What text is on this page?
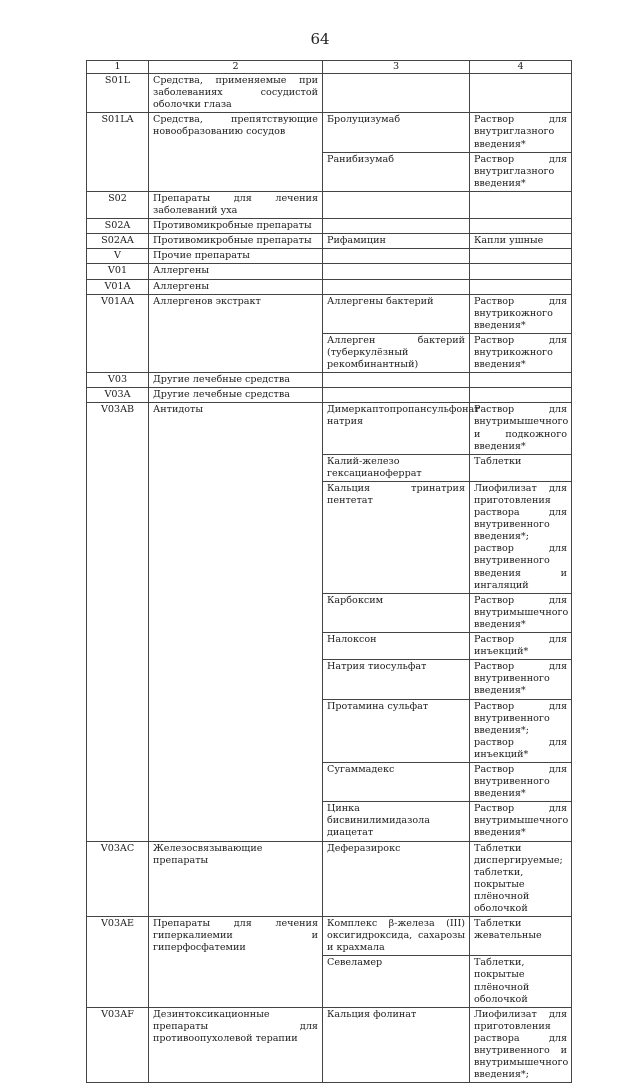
64
1	2	3	4
S01L	Средства, применяемые при заболеваниях сосудистой оболочки глаза		
S01LA	Средства, препятствующие новообразованию сосудов	Бролуцизумаб	Раствор для внутриглазного введения*
		Ранибизумаб	Раствор для внутриглазного введения*
S02	Препараты для лечения заболеваний уха		
S02A	Противомикробные препараты		
S02AA	Противомикробные препараты	Рифамицин	Капли ушные
V	Прочие препараты		
V01	Аллергены		
V01A	Аллергены		
V01AA	Аллергенов экстракт	Аллергены бактерий	Раствор для внутрикожного введения*
		Аллерген бактерий (туберкулёзный рекомбинантный)	Раствор для внутрикожного введения*
V03	Другие лечебные средства		
V03A	Другие лечебные средства		
V03AB	Антидоты	Димеркаптопропансульфонат натрия	Раствор для внутримышечного и подкожного введения*
		Калий-железо гексацианоферрат	Таблетки
		Кальция тринатрия пентетат	Лиофилизат для приготовления раствора для внутривенного введения*; раствор для внутривенного введения и ингаляций
		Карбоксим	Раствор для внутримышечного введения*
		Налоксон	Раствор для инъекций*
		Натрия тиосульфат	Раствор для внутривенного введения*
		Протамина сульфат	Раствор для внутривенного введения*; раствор для инъекций*
		Сугаммадекс	Раствор для внутривенного введения*
		Цинка бисвинилимидазола диацетат	Раствор для внутримышечного введения*
V03AC	Железосвязывающие препараты	Деферазирокс	Таблетки диспергируемые; таблетки, покрытые плёночной оболочкой
V03AE	Препараты для лечения гиперкалиемии и гиперфосфатемии	Комплекс β-железа (III) оксигидроксида, сахарозы и крахмала	Таблетки жевательные
		Севеламер	Таблетки, покрытые плёночной оболочкой
V03AF	Дезинтоксикационные препараты для противоопухолевой терапии	Кальция фолинат	Лиофилизат для приготовления раствора для внутривенного и внутримышечного введения*;
